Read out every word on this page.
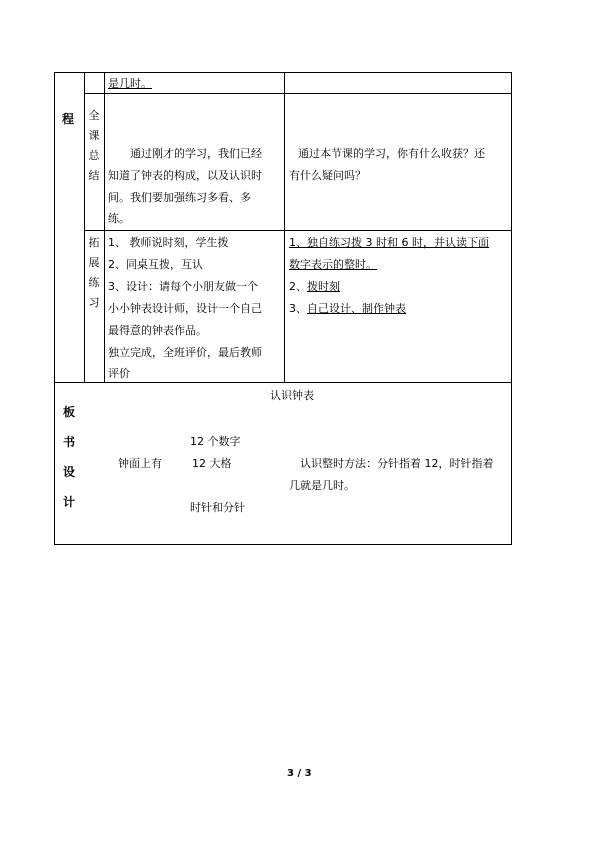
程
板
书
设
计
全
课
总
结
拓
展
练
习
是几时。
通过刚才的学习，我们已经
知道了钟表的构成，以及认识时
间。我们要加强练习多看、多
练。
通过本节课的学习，你有什么收获？还
有什么疑问吗？
1、 教师说时刻，学生拨
2、同桌互拨，互认
3、设计：请每个小朋友做一个
小小钟表设计师，设计一个自己
最得意的钟表作品。
独立完成，全班评价，最后教师
评价
1、独自练习拨 3 时和 6 时，并认读下面
数字表示的整时。
2、拨时刻
3、自己设计、制作钟表
认识钟表
12 个数字
钟面上有	12 大格	认识整时方法：分针指着 12，时针指着
几就是几时。
时针和分针
3 / 3
